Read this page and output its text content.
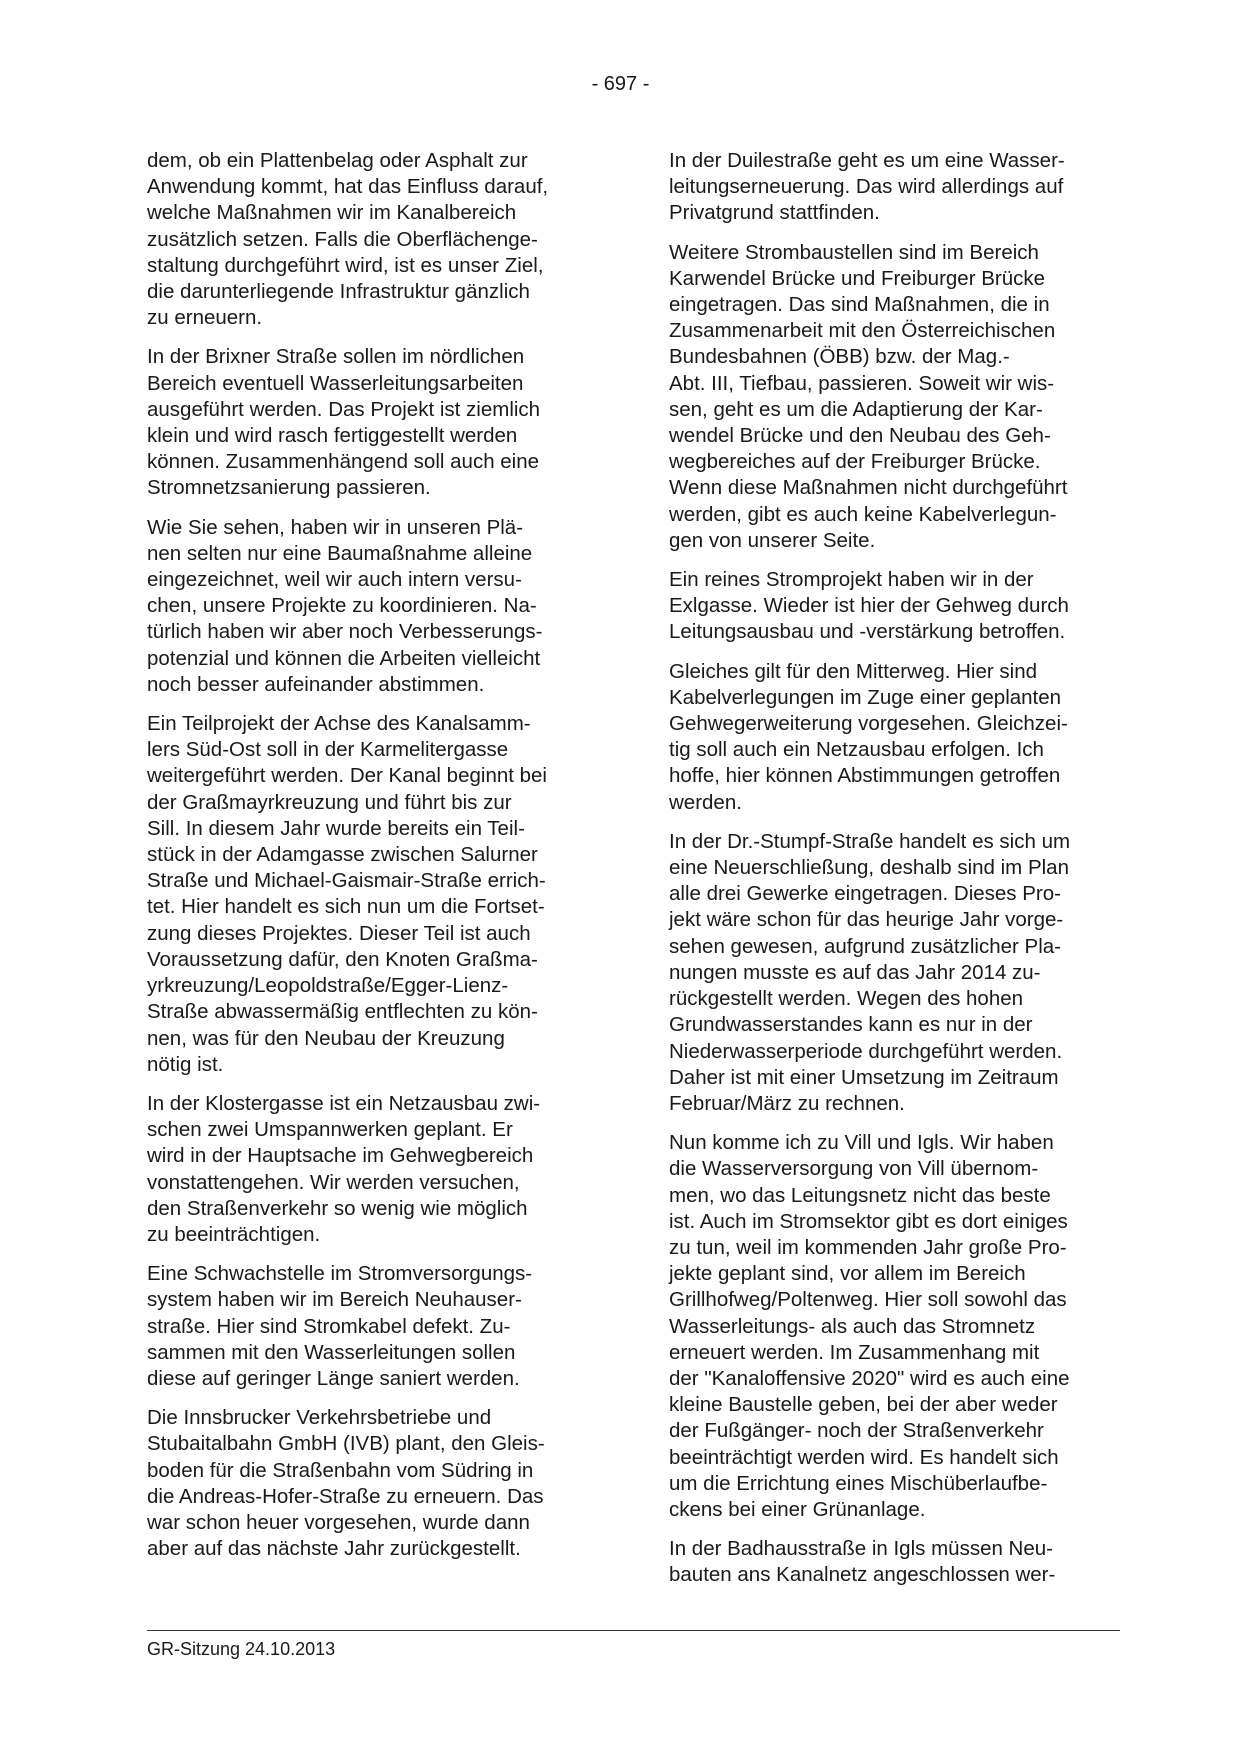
- 697 -

dem, ob ein Plattenbelag oder Asphalt zur
Anwendung kommt, hat das Einfluss darauf,
welche Maßnahmen wir im Kanalbereich
zusätzlich setzen. Falls die Oberflächenge-
staltung durchgeführt wird, ist es unser Ziel,
die darunterliegende Infrastruktur gänzlich
zu erneuern.

In der Brixner Straße sollen im nördlichen
Bereich eventuell Wasserleitungsarbeiten
ausgeführt werden. Das Projekt ist ziemlich
klein und wird rasch fertiggestellt werden
können. Zusammenhängend soll auch eine
Stromnetzsanierung passieren.

Wie Sie sehen, haben wir in unseren Plä-
nen selten nur eine Baumaßnahme alleine
eingezeichnet, weil wir auch intern versu-
chen, unsere Projekte zu koordinieren. Na-
türlich haben wir aber noch Verbesserungs-
potenzial und können die Arbeiten vielleicht
noch besser aufeinander abstimmen.

Ein Teilprojekt der Achse des Kanalsamm-
lers Süd-Ost soll in der Karmelitergasse
weitergeführt werden. Der Kanal beginnt bei
der Graßmayrkreuzung und führt bis zur
Sill. In diesem Jahr wurde bereits ein Teil-
stück in der Adamgasse zwischen Salurner
Straße und Michael-Gaismair-Straße errich-
tet. Hier handelt es sich nun um die Fortset-
zung dieses Projektes. Dieser Teil ist auch
Voraussetzung dafür, den Knoten Graßma-
yrkreuzung/Leopoldstraße/Egger-Lienz-
Straße abwassermäßig entflechten zu kön-
nen, was für den Neubau der Kreuzung
nötig ist.

In der Klostergasse ist ein Netzausbau zwi-
schen zwei Umspannwerken geplant. Er
wird in der Hauptsache im Gehwegbereich
vonstattengehen. Wir werden versuchen,
den Straßenverkehr so wenig wie möglich
zu beeinträchtigen.

Eine Schwachstelle im Stromversorgungs-
system haben wir im Bereich Neuhauser-
straße. Hier sind Stromkabel defekt. Zu-
sammen mit den Wasserleitungen sollen
diese auf geringer Länge saniert werden.

Die Innsbrucker Verkehrsbetriebe und
Stubaitalbahn GmbH (IVB) plant, den Gleis-
boden für die Straßenbahn vom Südring in
die Andreas-Hofer-Straße zu erneuern. Das
war schon heuer vorgesehen, wurde dann
aber auf das nächste Jahr zurückgestellt.

In der Duilestraße geht es um eine Wasser-
leitungserneuerung. Das wird allerdings auf
Privatgrund stattfinden.

Weitere Strombaustellen sind im Bereich
Karwendel Brücke und Freiburger Brücke
eingetragen. Das sind Maßnahmen, die in
Zusammenarbeit mit den Österreichischen
Bundesbahnen (ÖBB) bzw. der Mag.-
Abt. III, Tiefbau, passieren. Soweit wir wis-
sen, geht es um die Adaptierung der Kar-
wendel Brücke und den Neubau des Geh-
wegbereiches auf der Freiburger Brücke.
Wenn diese Maßnahmen nicht durchgeführt
werden, gibt es auch keine Kabelverlegun-
gen von unserer Seite.

Ein reines Stromprojekt haben wir in der
Exlgasse. Wieder ist hier der Gehweg durch
Leitungsausbau und -verstärkung betroffen.

Gleiches gilt für den Mitterweg. Hier sind
Kabelverlegungen im Zuge einer geplanten
Gehwegerweiterung vorgesehen. Gleichzei-
tig soll auch ein Netzausbau erfolgen. Ich
hoffe, hier können Abstimmungen getroffen
werden.

In der Dr.-Stumpf-Straße handelt es sich um
eine Neuerschließung, deshalb sind im Plan
alle drei Gewerke eingetragen. Dieses Pro-
jekt wäre schon für das heurige Jahr vorge-
sehen gewesen, aufgrund zusätzlicher Pla-
nungen musste es auf das Jahr 2014 zu-
rückgestellt werden. Wegen des hohen
Grundwasserstandes kann es nur in der
Niederwasserperiode durchgeführt werden.
Daher ist mit einer Umsetzung im Zeitraum
Februar/März zu rechnen.

Nun komme ich zu Vill und Igls. Wir haben
die Wasserversorgung von Vill übernom-
men, wo das Leitungsnetz nicht das beste
ist. Auch im Stromsektor gibt es dort einiges
zu tun, weil im kommenden Jahr große Pro-
jekte geplant sind, vor allem im Bereich
Grillhofweg/Poltenweg. Hier soll sowohl das
Wasserleitungs- als auch das Stromnetz
erneuert werden. Im Zusammenhang mit
der "Kanaloffensive 2020" wird es auch eine
kleine Baustelle geben, bei der aber weder
der Fußgänger- noch der Straßenverkehr
beeinträchtigt werden wird. Es handelt sich
um die Errichtung eines Mischüberlaufbe-
ckens bei einer Grünanlage.

In der Badhausstraße in Igls müssen Neu-
bauten ans Kanalnetz angeschlossen wer-

GR-Sitzung 24.10.2013
